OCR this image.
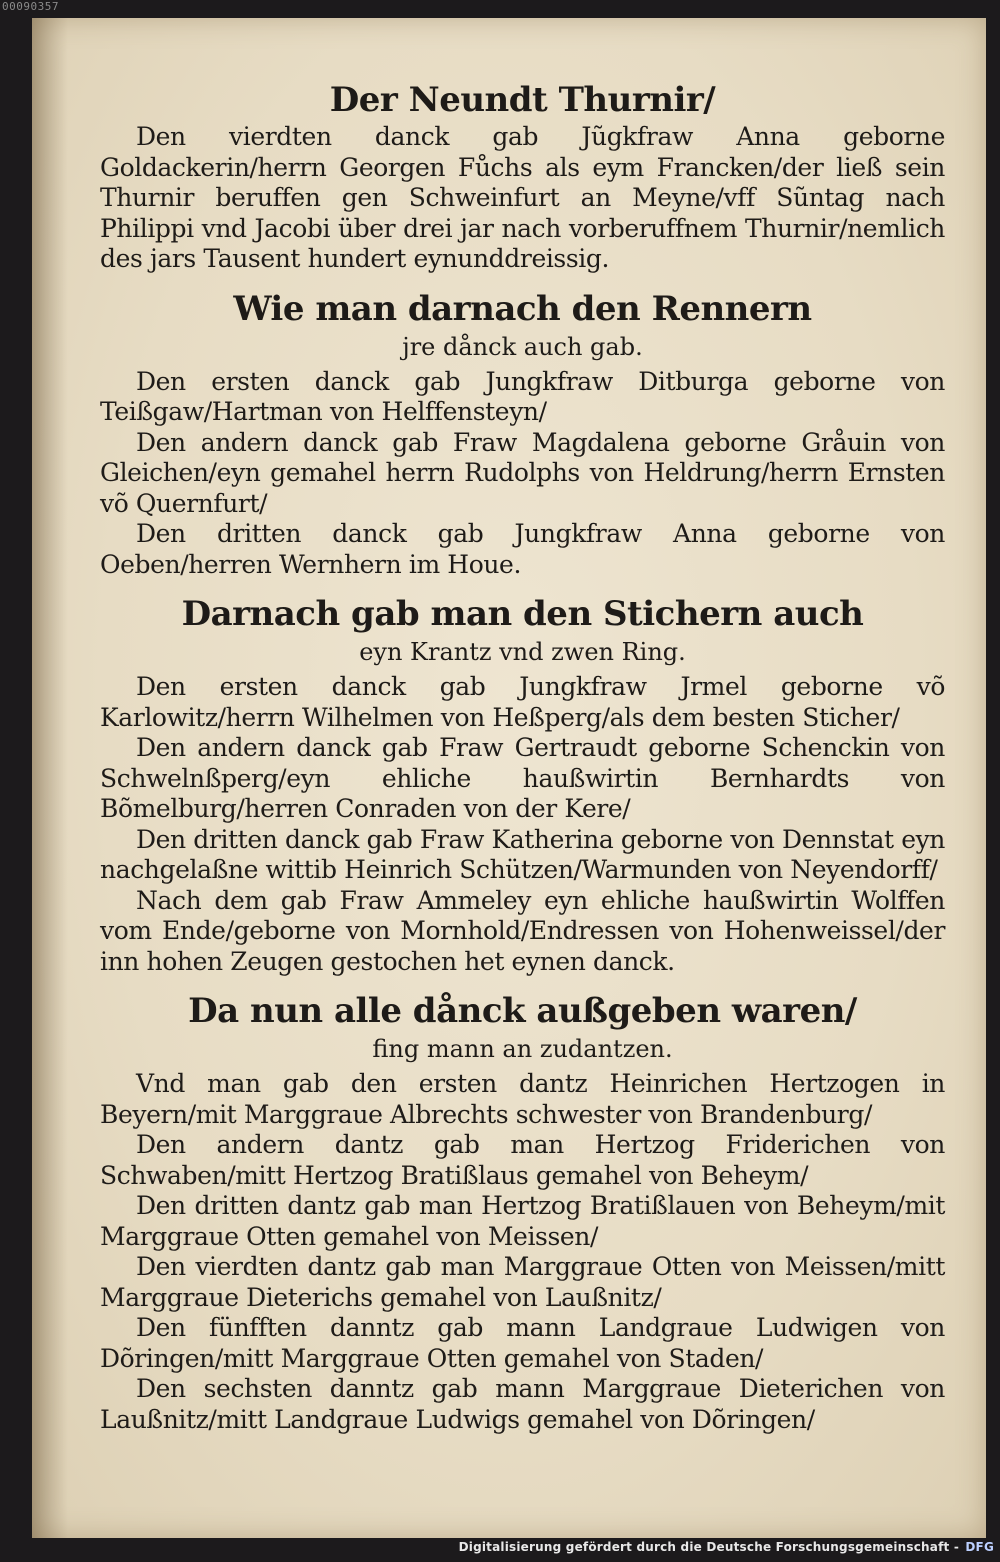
00090357
Der Neundt Thurnir/

Den vierdten danck gab Jũgkfraw Anna geborne Goldackerin/herrn Georgen Fůchs als eym Francken/der ließ sein Thurnir beruffen gen Schweinfurt an Meyne/vff Sũntag nach Philippi vnd Jacobi über drei jar nach vorberuffnem Thurnir/nemlich des jars Tausent hundert eynunddreissig.

Wie man darnach den Rennern
jre dånck auch gab.

Den ersten danck gab Jungkfraw Ditburga geborne von Teißgaw/Hartman von Helffensteyn/

Den andern danck gab Fraw Magdalena geborne Gråuin von Gleichen/eyn gemahel herrn Rudolphs von Heldrung/herrn Ernsten võ Quernfurt/

Den dritten danck gab Jungkfraw Anna geborne von Oeben/herren Wernhern im Houe.

Darnach gab man den Stichern auch
eyn Krantz vnd zwen Ring.

Den ersten danck gab Jungkfraw Jrmel geborne võ Karlowitz/herrn Wilhelmen von Heßperg/als dem besten Sticher/

Den andern danck gab Fraw Gertraudt geborne Schenckin von Schwelnßperg/eyn ehliche haußwirtin Bernhardts von Bõmelburg/herren Conraden von der Kere/

Den dritten danck gab Fraw Katherina geborne von Dennstat eyn nachgelaßne wittib Heinrich Schützen/Warmunden von Neyendorff/

Nach dem gab Fraw Ammeley eyn ehliche haußwirtin Wolffen vom Ende/geborne von Mornhold/Endressen von Hohenweissel/der inn hohen Zeugen gestochen het eynen danck.

Da nun alle dånck außgeben waren/
fing mann an zudantzen.

Vnd man gab den ersten dantz Heinrichen Hertzogen in Beyern/mit Marggraue Albrechts schwester von Brandenburg/

Den andern dantz gab man Hertzog Friderichen von Schwaben/mitt Hertzog Bratißlaus gemahel von Beheym/

Den dritten dantz gab man Hertzog Bratißlauen von Beheym/mit Marggraue Otten gemahel von Meissen/

Den vierdten dantz gab man Marggraue Otten von Meissen/mitt Marggraue Dieterichs gemahel von Laußnitz/

Den fünfften danntz gab mann Landgraue Ludwigen von Dõringen/mitt Marggraue Otten gemahel von Staden/

Den sechsten danntz gab mann Marggraue Dieterichen von Laußnitz/mitt Landgraue Ludwigs gemahel von Dõringen/

Digitalisierung gefördert durch die Deutsche Forschungsgemeinschaft - DFG
